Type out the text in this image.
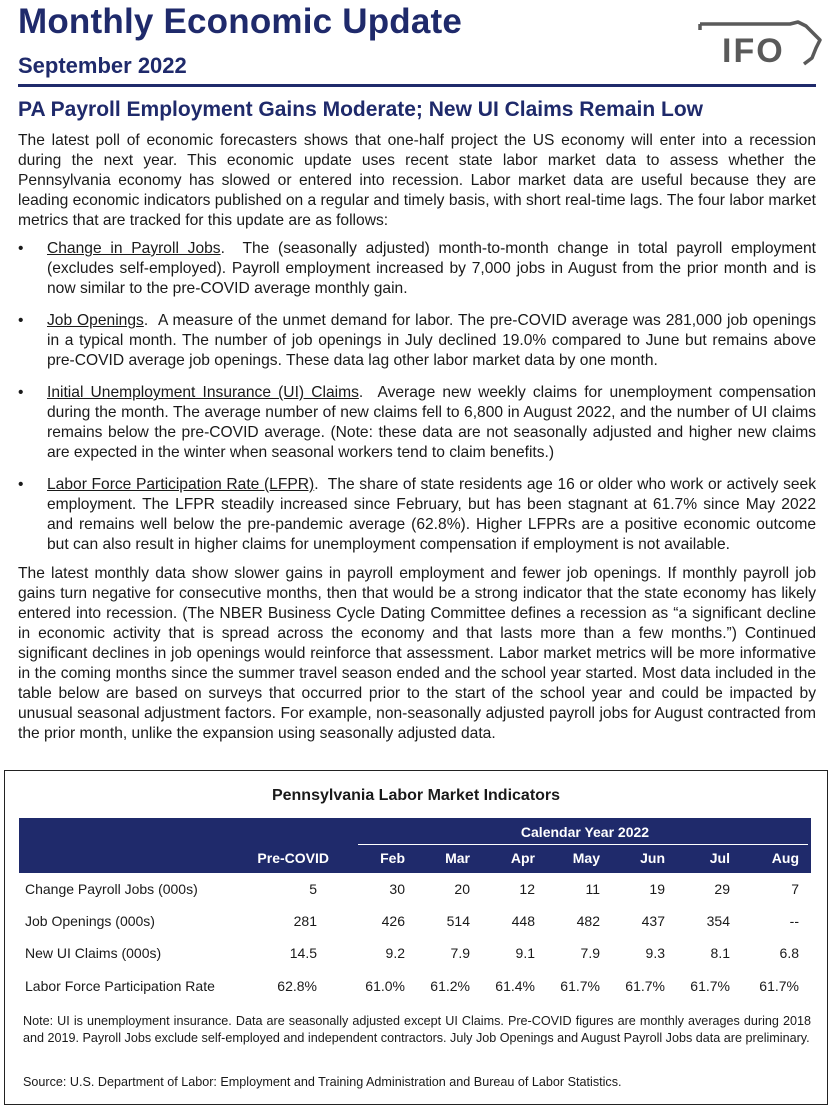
Monthly Economic Update
September 2022	IFO
PA Payroll Employment Gains Moderate; New UI Claims Remain Low

The latest poll of economic forecasters shows that one-half project the US economy will enter into a recession during the next year. This economic update uses recent state labor market data to assess whether the Pennsylvania economy has slowed or entered into recession. Labor market data are useful because they are leading economic indicators published on a regular and timely basis, with short real-time lags. The four labor market metrics that are tracked for this update are as follows:

• Change in Payroll Jobs.  The (seasonally adjusted) month-to-month change in total payroll employment (excludes self-employed). Payroll employment increased by 7,000 jobs in August from the prior month and is now similar to the pre-COVID average monthly gain.
• Job Openings.  A measure of the unmet demand for labor. The pre-COVID average was 281,000 job openings in a typical month. The number of job openings in July declined 19.0% compared to June but remains above pre-COVID average job openings. These data lag other labor market data by one month.
• Initial Unemployment Insurance (UI) Claims.  Average new weekly claims for unemployment compensation during the month. The average number of new claims fell to 6,800 in August 2022, and the number of UI claims remains below the pre-COVID average. (Note: these data are not seasonally adjusted and higher new claims are expected in the winter when seasonal workers tend to claim benefits.)
• Labor Force Participation Rate (LFPR).  The share of state residents age 16 or older who work or actively seek employment. The LFPR steadily increased since February, but has been stagnant at 61.7% since May 2022 and remains well below the pre-pandemic average (62.8%). Higher LFPRs are a positive economic outcome but can also result in higher claims for unemployment compensation if employment is not available.

The latest monthly data show slower gains in payroll employment and fewer job openings. If monthly payroll job gains turn negative for consecutive months, then that would be a strong indicator that the state economy has likely entered into recession. (The NBER Business Cycle Dating Committee defines a recession as “a significant decline in economic activity that is spread across the economy and that lasts more than a few months.”) Continued significant declines in job openings would reinforce that assessment. Labor market metrics will be more informative in the coming months since the summer travel season ended and the school year started. Most data included in the table below are based on surveys that occurred prior to the start of the school year and could be impacted by unusual seasonal adjustment factors. For example, non-seasonally adjusted payroll jobs for August contracted from the prior month, unlike the expansion using seasonally adjusted data.

Pennsylvania Labor Market Indicators
Calendar Year 2022
Pre-COVID	Feb	Mar	Apr	May	Jun	Jul	Aug
Change Payroll Jobs (000s)	5	30	20	12	11	19	29	7
Job Openings (000s)	281	426	514	448	482	437	354	--
New UI Claims (000s)	14.5	9.2	7.9	9.1	7.9	9.3	8.1	6.8
Labor Force Participation Rate	62.8%	61.0%	61.2%	61.4%	61.7%	61.7%	61.7%	61.7%
Note: UI is unemployment insurance. Data are seasonally adjusted except UI Claims. Pre-COVID figures are monthly averages during 2018 and 2019. Payroll Jobs exclude self-employed and independent contractors. July Job Openings and August Payroll Jobs data are preliminary.
Source: U.S. Department of Labor: Employment and Training Administration and Bureau of Labor Statistics.
